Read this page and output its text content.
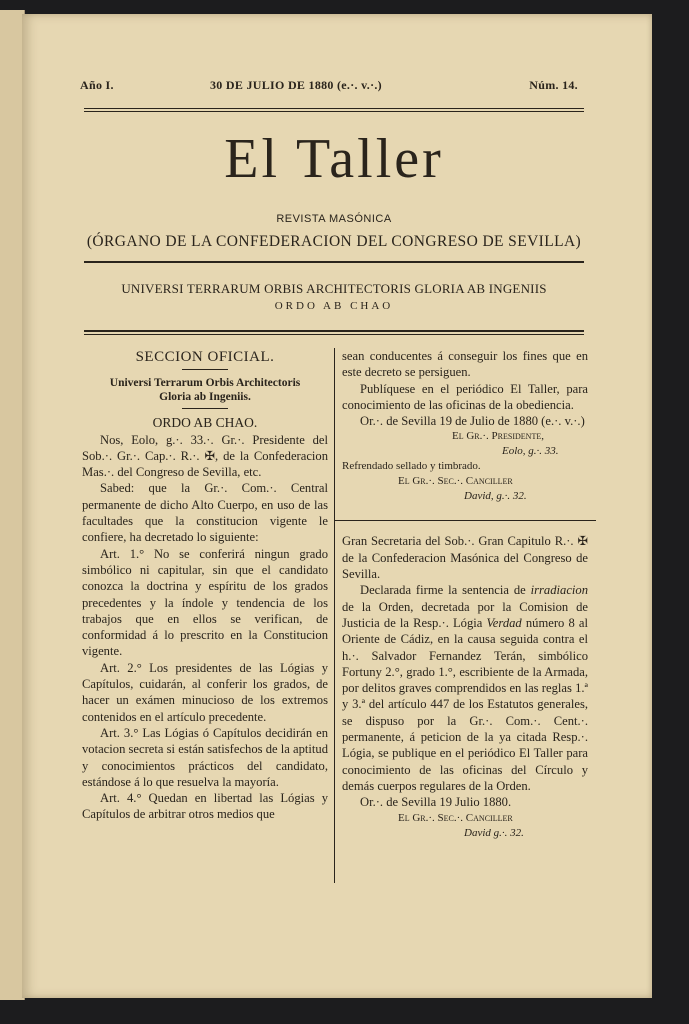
Año I.	30 DE JULIO DE 1880 (e.·. v.·.)	Núm. 14.
El Taller
REVISTA MASÓNICA
(ÓRGANO DE LA CONFEDERACION DEL CONGRESO DE SEVILLA)
UNIVERSI TERRARUM ORBIS ARCHITECTORIS GLORIA AB INGENIIS
ORDO AB CHAO

SECCION OFICIAL.

Universi Terrarum Orbis Architectoris

Gloria ab Ingeniis.

ORDO AB CHAO.

Nos, Eolo, g.·. 33.·. Gr.·. Presidente del Sob.·. Gr.·. Cap.·. R.·. ✠, de la Confederacion Mas.·. del Congreso de Sevilla, etc.

Sabed: que la Gr.·. Com.·. Central permanente de dicho Alto Cuerpo, en uso de las facultades que la constitucion vigente le confiere, ha decretado lo siguiente:

Art. 1.° No se conferirá ningun grado simbólico ni capitular, sin que el candidato conozca la doctrina y espíritu de los grados precedentes y la índole y tendencia de los trabajos que en ellos se verifican, de conformidad á lo prescrito en la Constitucion vigente.

Art. 2.° Los presidentes de las Lógias y Capítulos, cuidarán, al conferir los grados, de hacer un exámen minucioso de los extremos contenidos en el artículo precedente.

Art. 3.° Las Lógias ó Capítulos decidirán en votacion secreta si están satisfechos de la aptitud y conocimientos prácticos del candidato, estándose á lo que resuelva la mayoría.

Art. 4.° Quedan en libertad las Lógias y Capítulos de arbitrar otros medios que

sean conducentes á conseguir los fines que en este decreto se persiguen.

Publíquese en el periódico El Taller, para conocimiento de las oficinas de la obediencia.

Or.·. de Sevilla 19 de Julio de 1880 (e.·. v.·.)

El Gr.·. Presidente,

Eolo, g.·. 33.

Refrendado sellado y timbrado.

El Gr.·. Sec.·. Canciller

David, g.·. 32.

Gran Secretaria del Sob.·. Gran Capitulo R.·. ✠ de la Confederacion Masónica del Congreso de Sevilla.

Declarada firme la sentencia de irradiacion de la Orden, decretada por la Comision de Justicia de la Resp.·. Lógia Verdad número 8 al Oriente de Cádiz, en la causa seguida contra el h.·. Salvador Fernandez Terán, simbólico Fortuny 2.°, grado 1.°, escribiente de la Armada, por delitos graves comprendidos en las reglas 1.ª y 3.ª del artículo 447 de los Estatutos generales, se dispuso por la Gr.·. Com.·. Cent.·. permanente, á peticion de la ya citada Resp.·. Lógia, se publique en el periódico El Taller para conocimiento de las oficinas del Círculo y demás cuerpos regulares de la Orden.

Or.·. de Sevilla 19 Julio 1880.

El Gr.·. Sec.·. Canciller

David g.·. 32.
